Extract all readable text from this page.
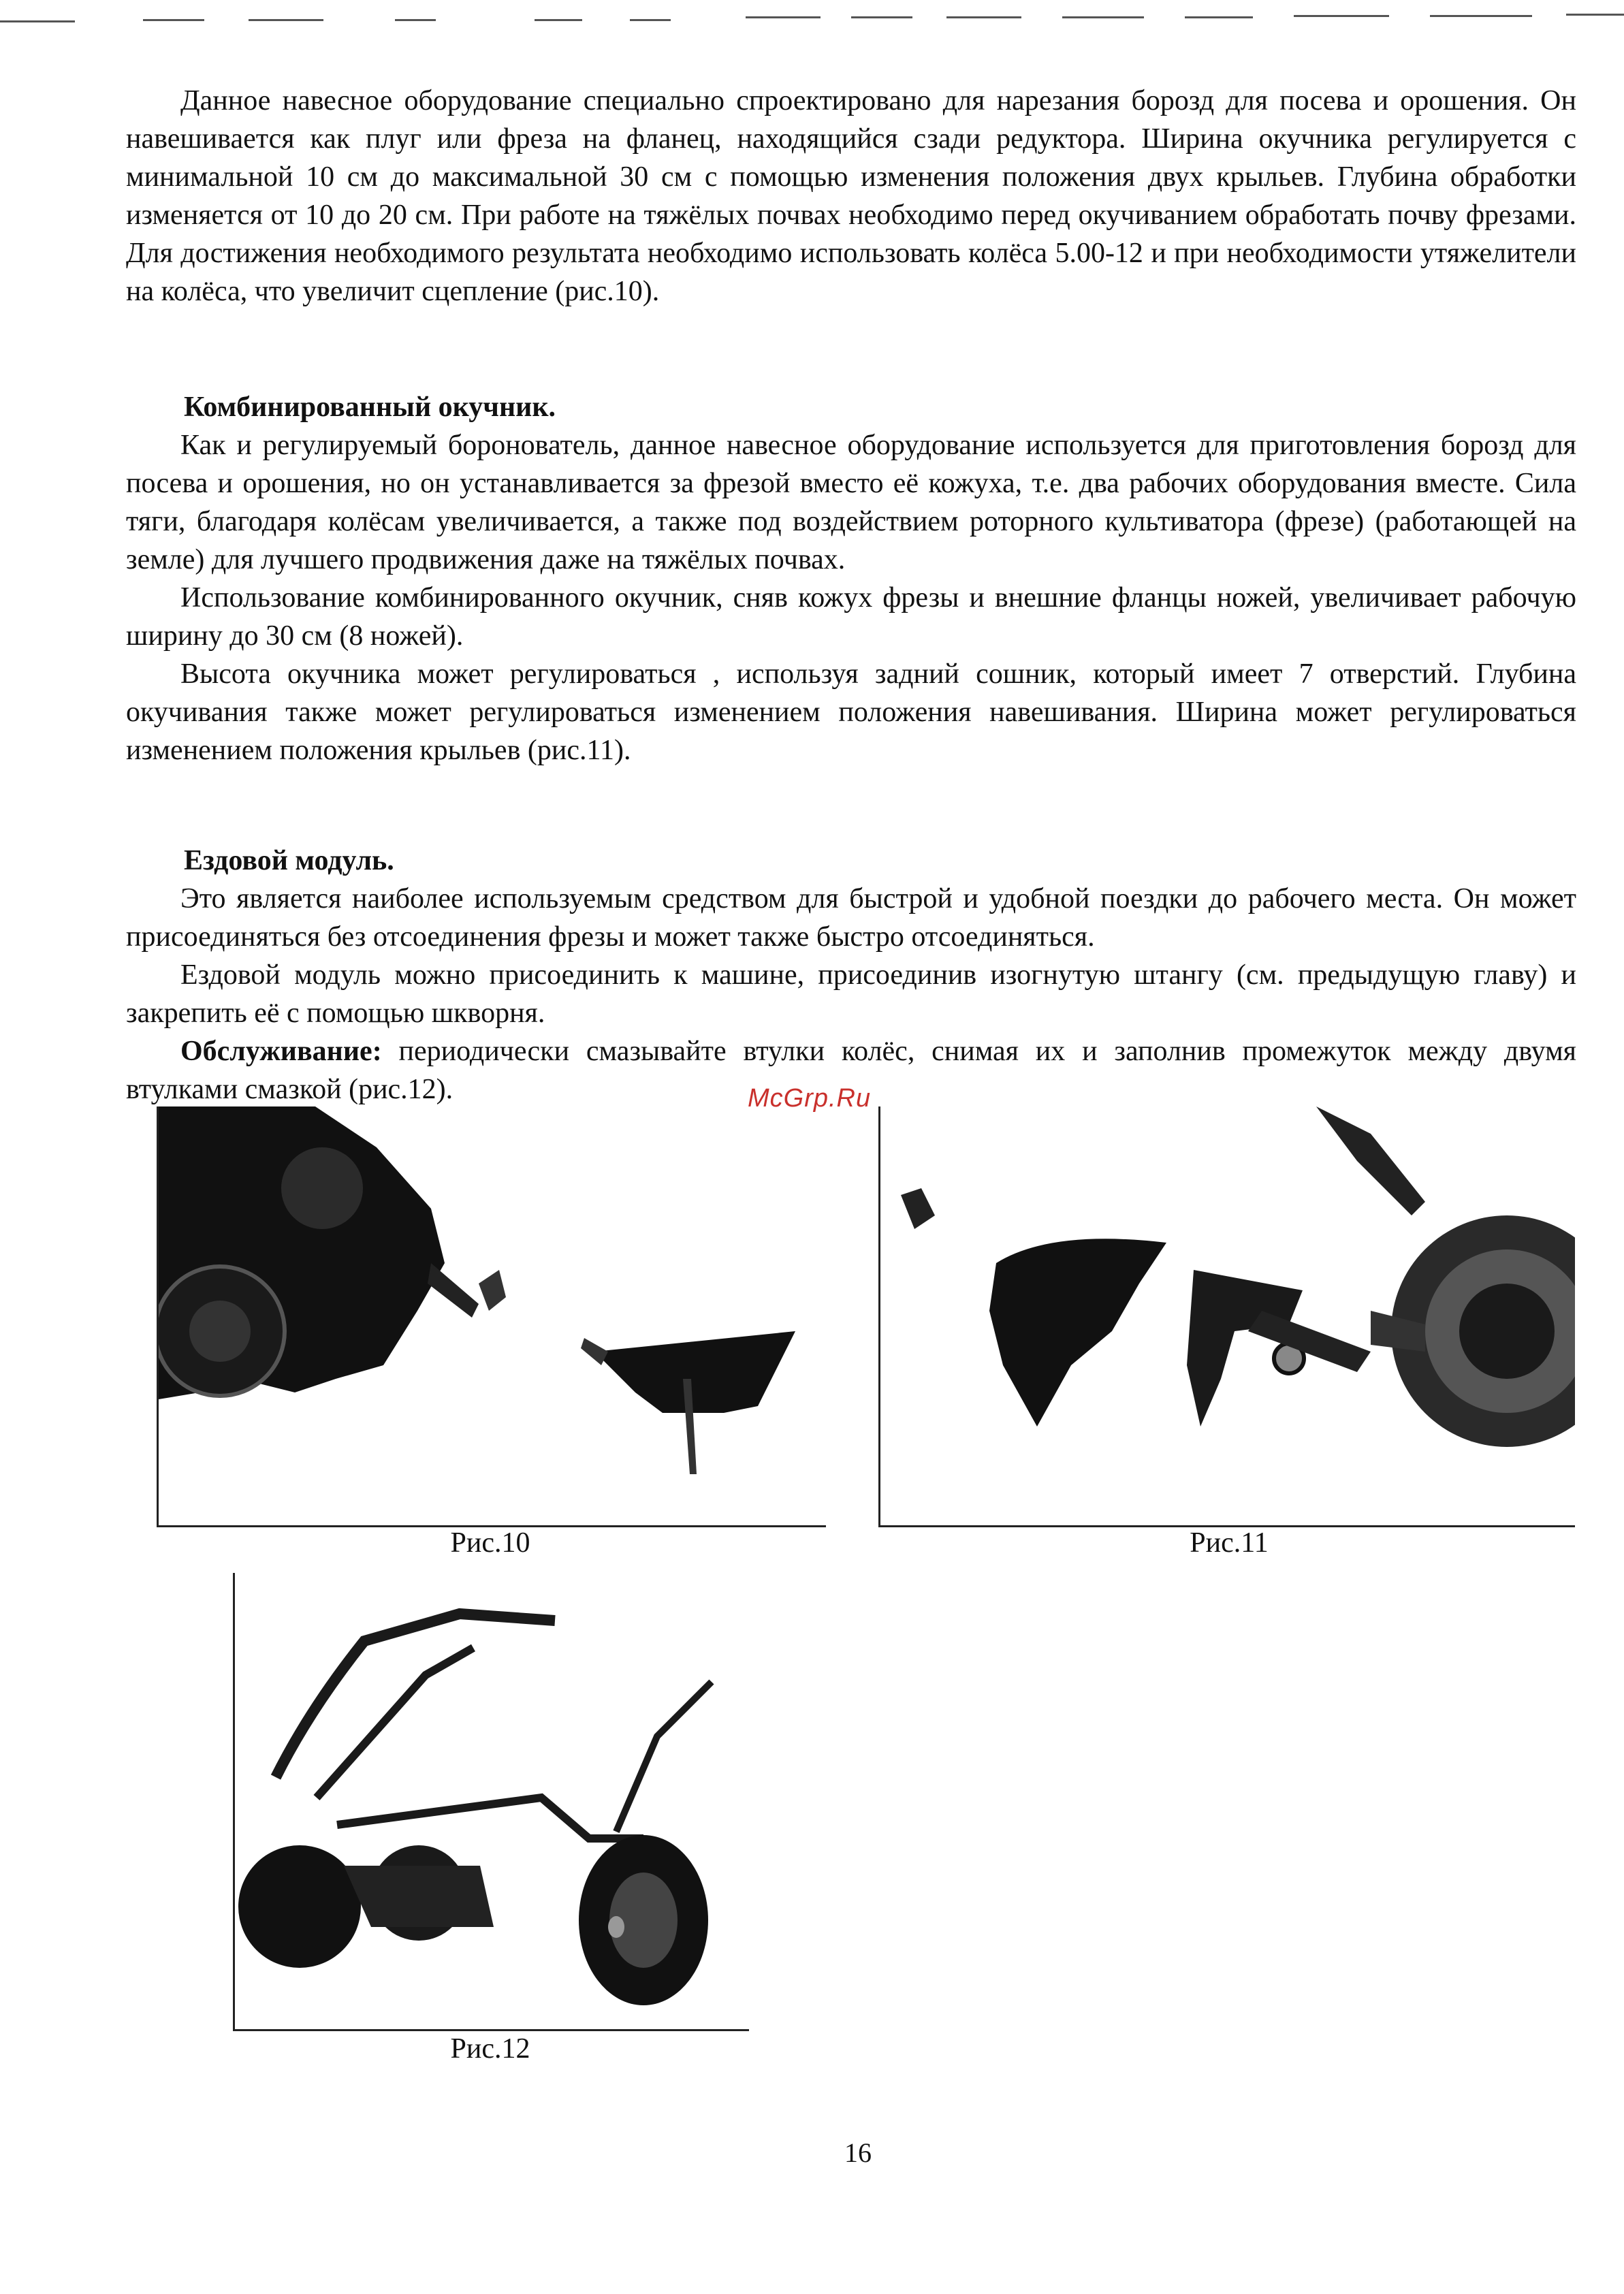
Данное навесное оборудование специально спроектировано для нарезания борозд для посева и орошения. Он навешивается как плуг или фреза на фланец, находящийся сзади редуктора. Ширина окучника регулируется с минимальной 10 см до максимальной 30 см с помощью изменения положения двух крыльев. Глубина обработки изменяется от 10 до 20 см. При работе на тяжёлых почвах необходимо перед окучиванием обработать почву фрезами. Для достижения необходимого результата необходимо использовать колёса 5.00-12 и при необходимости утяжелители на колёса, что увеличит сцепление (рис.10).

Комбинированный окучник.

Как и регулируемый боронователь, данное навесное оборудование используется для приготовления борозд для посева и орошения, но он устанавливается за фрезой вместо её кожуха, т.е. два рабочих оборудования вместе. Сила тяги, благодаря колёсам увеличивается, а также под воздействием роторного культиватора (фрезе) (работающей на земле) для лучшего продвижения даже на тяжёлых почвах.

Использование комбинированного окучник, сняв кожух фрезы и внешние фланцы ножей, увеличивает рабочую ширину до 30 см (8 ножей).

Высота окучника может регулироваться , используя задний сошник, который имеет 7 отверстий. Глубина окучивания также может регулироваться изменением положения навешивания. Ширина может регулироваться изменением положения крыльев (рис.11).

Ездовой модуль.

Это является наиболее используемым средством для быстрой и удобной поездки до рабочего места. Он может присоединяться без отсоединения фрезы и может также быстро отсоединяться.

Ездовой модуль можно присоединить к машине, присоединив изогнутую штангу (см. предыдущую главу) и закрепить её с помощью шкворня.

Обслуживание: периодически смазывайте втулки колёс, снимая их и заполнив промежуток между двумя втулками смазкой (рис.12).

Рис.10	Рис.11
Рис.12
McGrp.Ru
16
